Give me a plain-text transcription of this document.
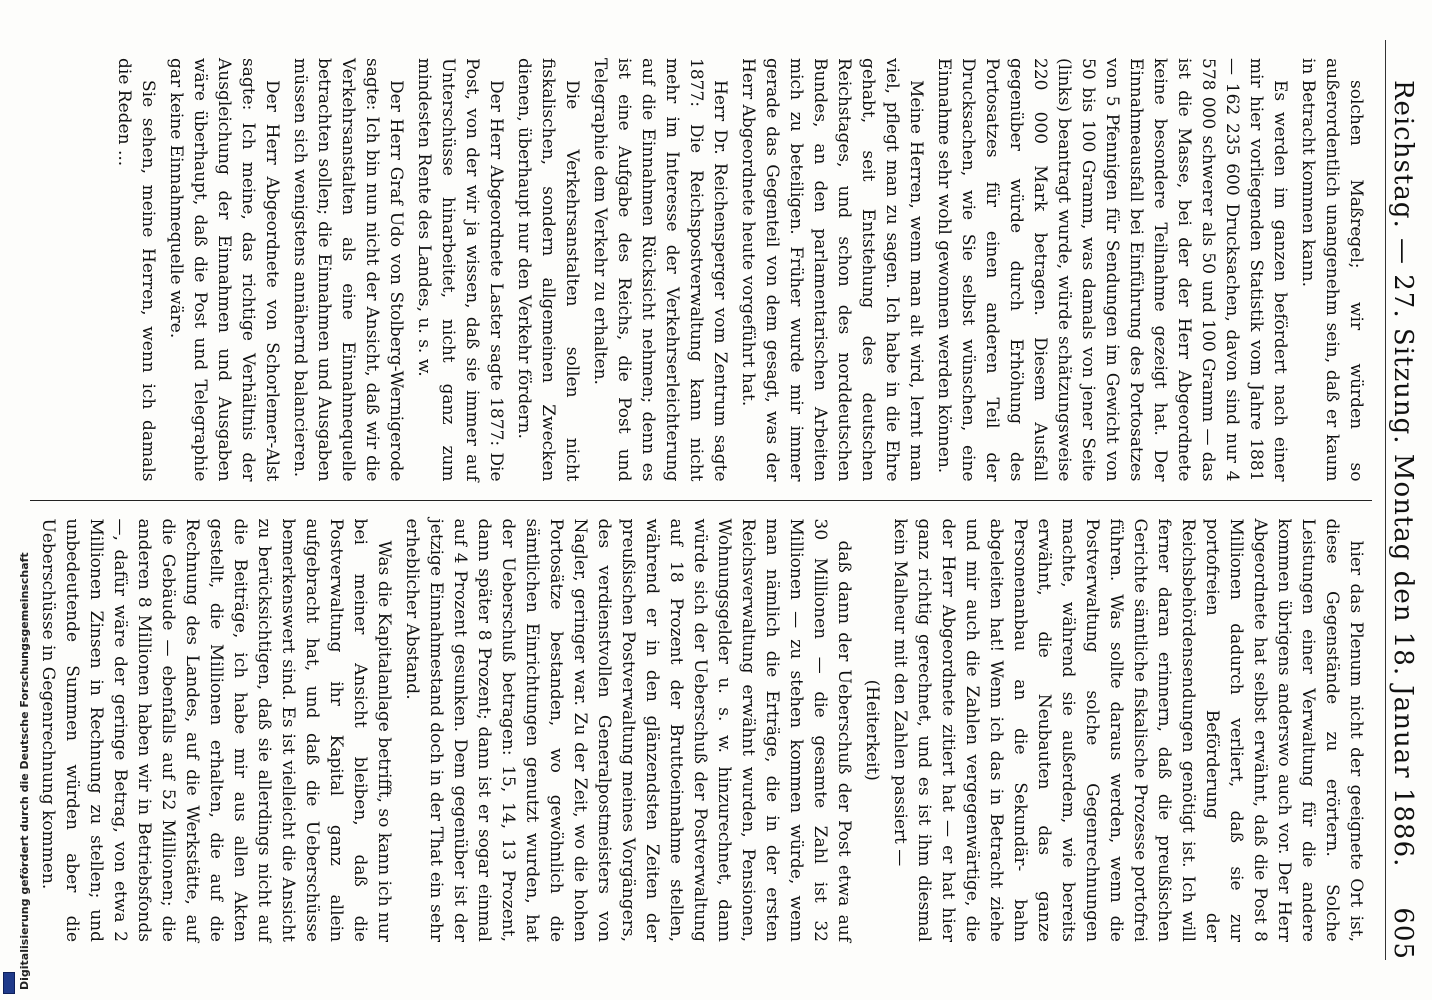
Reichstag. — 27. Sitzung. Montag den 18. Januar 1886.
605

solchen Maßregel; wir würden so außerordentlich unangenehm sein, daß er kaum in Betracht kommen kann.

Es werden im ganzen befördert nach einer mir hier vorliegenden Statistik vom Jahre 1881 — 162 235 600 Drucksachen, davon sind nur 4 578 000 schwerer als 50 und 100 Gramm — das ist die Masse, bei der der Herr Abgeordnete keine besondere Teilnahme gezeigt hat. Der Einnahmeausfall bei Einführung des Portosatzes von 5 Pfennigen für Sendungen im Gewicht von 50 bis 100 Gramm, was damals von jener Seite (links) beantragt wurde, würde schätzungsweise 220 000 Mark betragen. Diesem Ausfall gegenüber würde durch Erhöhung des Portosatzes für einen anderen Teil der Drucksachen, wie Sie selbst wünschen, eine Einnahme sehr wohl gewonnen werden können.

Meine Herren, wenn man alt wird, lernt man viel, pflegt man zu sagen. Ich habe in die Ehre gehabt, seit Entstehung des deutschen Reichstages, und schon des norddeutschen Bundes, an den parlamentarischen Arbeiten mich zu beteiligen. Früher wurde mir immer gerade das Gegenteil von dem gesagt, was der Herr Abgeordnete heute vorgeführt hat.

Herr Dr. Reichensperger vom Zentrum sagte 1877: Die Reichspostverwaltung kann nicht mehr im Interesse der Verkehrserleichterung auf die Einnahmen Rücksicht nehmen; denn es ist eine Aufgabe des Reichs, die Post und Telegraphie dem Verkehr zu erhalten.

Die Verkehrsanstalten sollen nicht fiskalischen, sondern allgemeinen Zwecken dienen, überhaupt nur den Verkehr fördern.

Der Herr Abgeordnete Laster sagte 1877: Die Post, von der wir ja wissen, daß sie immer auf Unterschüsse hinarbeitet, nicht ganz zum mindesten Rente des Landes, u. s. w.

Der Herr Graf Udo von Stolberg-Wernigerode sagte: Ich bin nun nicht der Ansicht, daß wir die Verkehrsanstalten als eine Einnahmequelle betrachten sollen; die Einnahmen und Ausgaben müssen sich wenigstens annähernd balancieren.

Der Herr Abgeordnete von Schorlemer-Alst sagte: Ich meine, das richtige Verhältnis der Ausgleichung der Einnahmen und Ausgaben wäre überhaupt, daß die Post und Telegraphie gar keine Einnahmequelle wäre.

Sie sehen, meine Herren, wenn ich damals die Reden ...

hier das Plenum nicht der geeignete Ort ist, diese Gegenstände zu erörtern. Solche Leistungen einer Verwaltung für die andere kommen übrigens anderswo auch vor. Der Herr Abgeordnete hat selbst erwähnt, daß die Post 8 Millionen dadurch verliert, daß sie zur portofreien Beförderung der Reichsbehördensendungen genötigt ist. Ich will ferner daran erinnern, daß die preußischen Gerichte sämtliche fiskalische Prozesse portofrei führen. Was sollte daraus werden, wenn die Postverwaltung solche Gegenrechnungen machte, während sie außerdem, wie bereits erwähnt, die Neubauten das ganze Personenanbau an die Sekundär- bahn abgeleiten hat! Wenn ich das in Betracht ziehe und mir auch die Zahlen vergegenwärtige, die der Herr Abgeordnete zitiert hat — er hat hier ganz richtig gerechnet, und es ist ihm diesmal kein Malheur mit den Zahlen passiert —

(Heiterkeit)

daß dann der Ueberschuß der Post etwa auf 30 Millionen — die gesamte Zahl ist 32 Millionen — zu stehen kommen würde, wenn man nämlich die Erträge, die in der ersten Reichsverwaltung erwähnt wurden, Pensionen, Wohnungsgelder u. s. w. hinzurechnet, dann würde sich der Ueberschuß der Postverwaltung auf 18 Prozent der Bruttoeinnahme stellen, während er in den glänzendsten Zeiten der preußischen Postverwaltung meines Vorgängers, des verdienstvollen Generalpostmeisters von Nagler, geringer war. Zu der Zeit, wo die hohen Portosätze bestanden, wo gewöhnlich die sämtlichen Einrichtungen genutzt wurden, hat der Ueberschuß betragen: 15, 14, 13 Prozent, dann später 8 Prozent; dann ist er sogar einmal auf 4 Prozent gesunken. Dem gegenüber ist der jetzige Einnahmestand doch in der That ein sehr erheblicher Abstand.

Was die Kapitalanlage betrifft, so kann ich nur bei meiner Ansicht bleiben, daß die Postverwaltung ihr Kapital ganz allein aufgebracht hat, und daß die Ueberschüsse bemerkenswert sind. Es ist vielleicht die Ansicht zu berücksichtigen, daß sie allerdings nicht auf die Beiträge, ich habe mir aus allen Akten gestellt, die Millionen erhalten, die auf die Rechnung des Landes, auf die Werkstätte, auf die Gebäude — ebenfalls auf 52 Millionen; die anderen 8 Millionen haben wir in Betriebsfonds —, dafür wäre der geringe Betrag, von etwa 2 Millionen Zinsen in Rechnung zu stellen; und unbedeutende Summen würden aber die Ueberschüsse in Gegenrechnung kommen.

Digitalisierung gefördert durch die Deutsche Forschungsgemeinschaft
